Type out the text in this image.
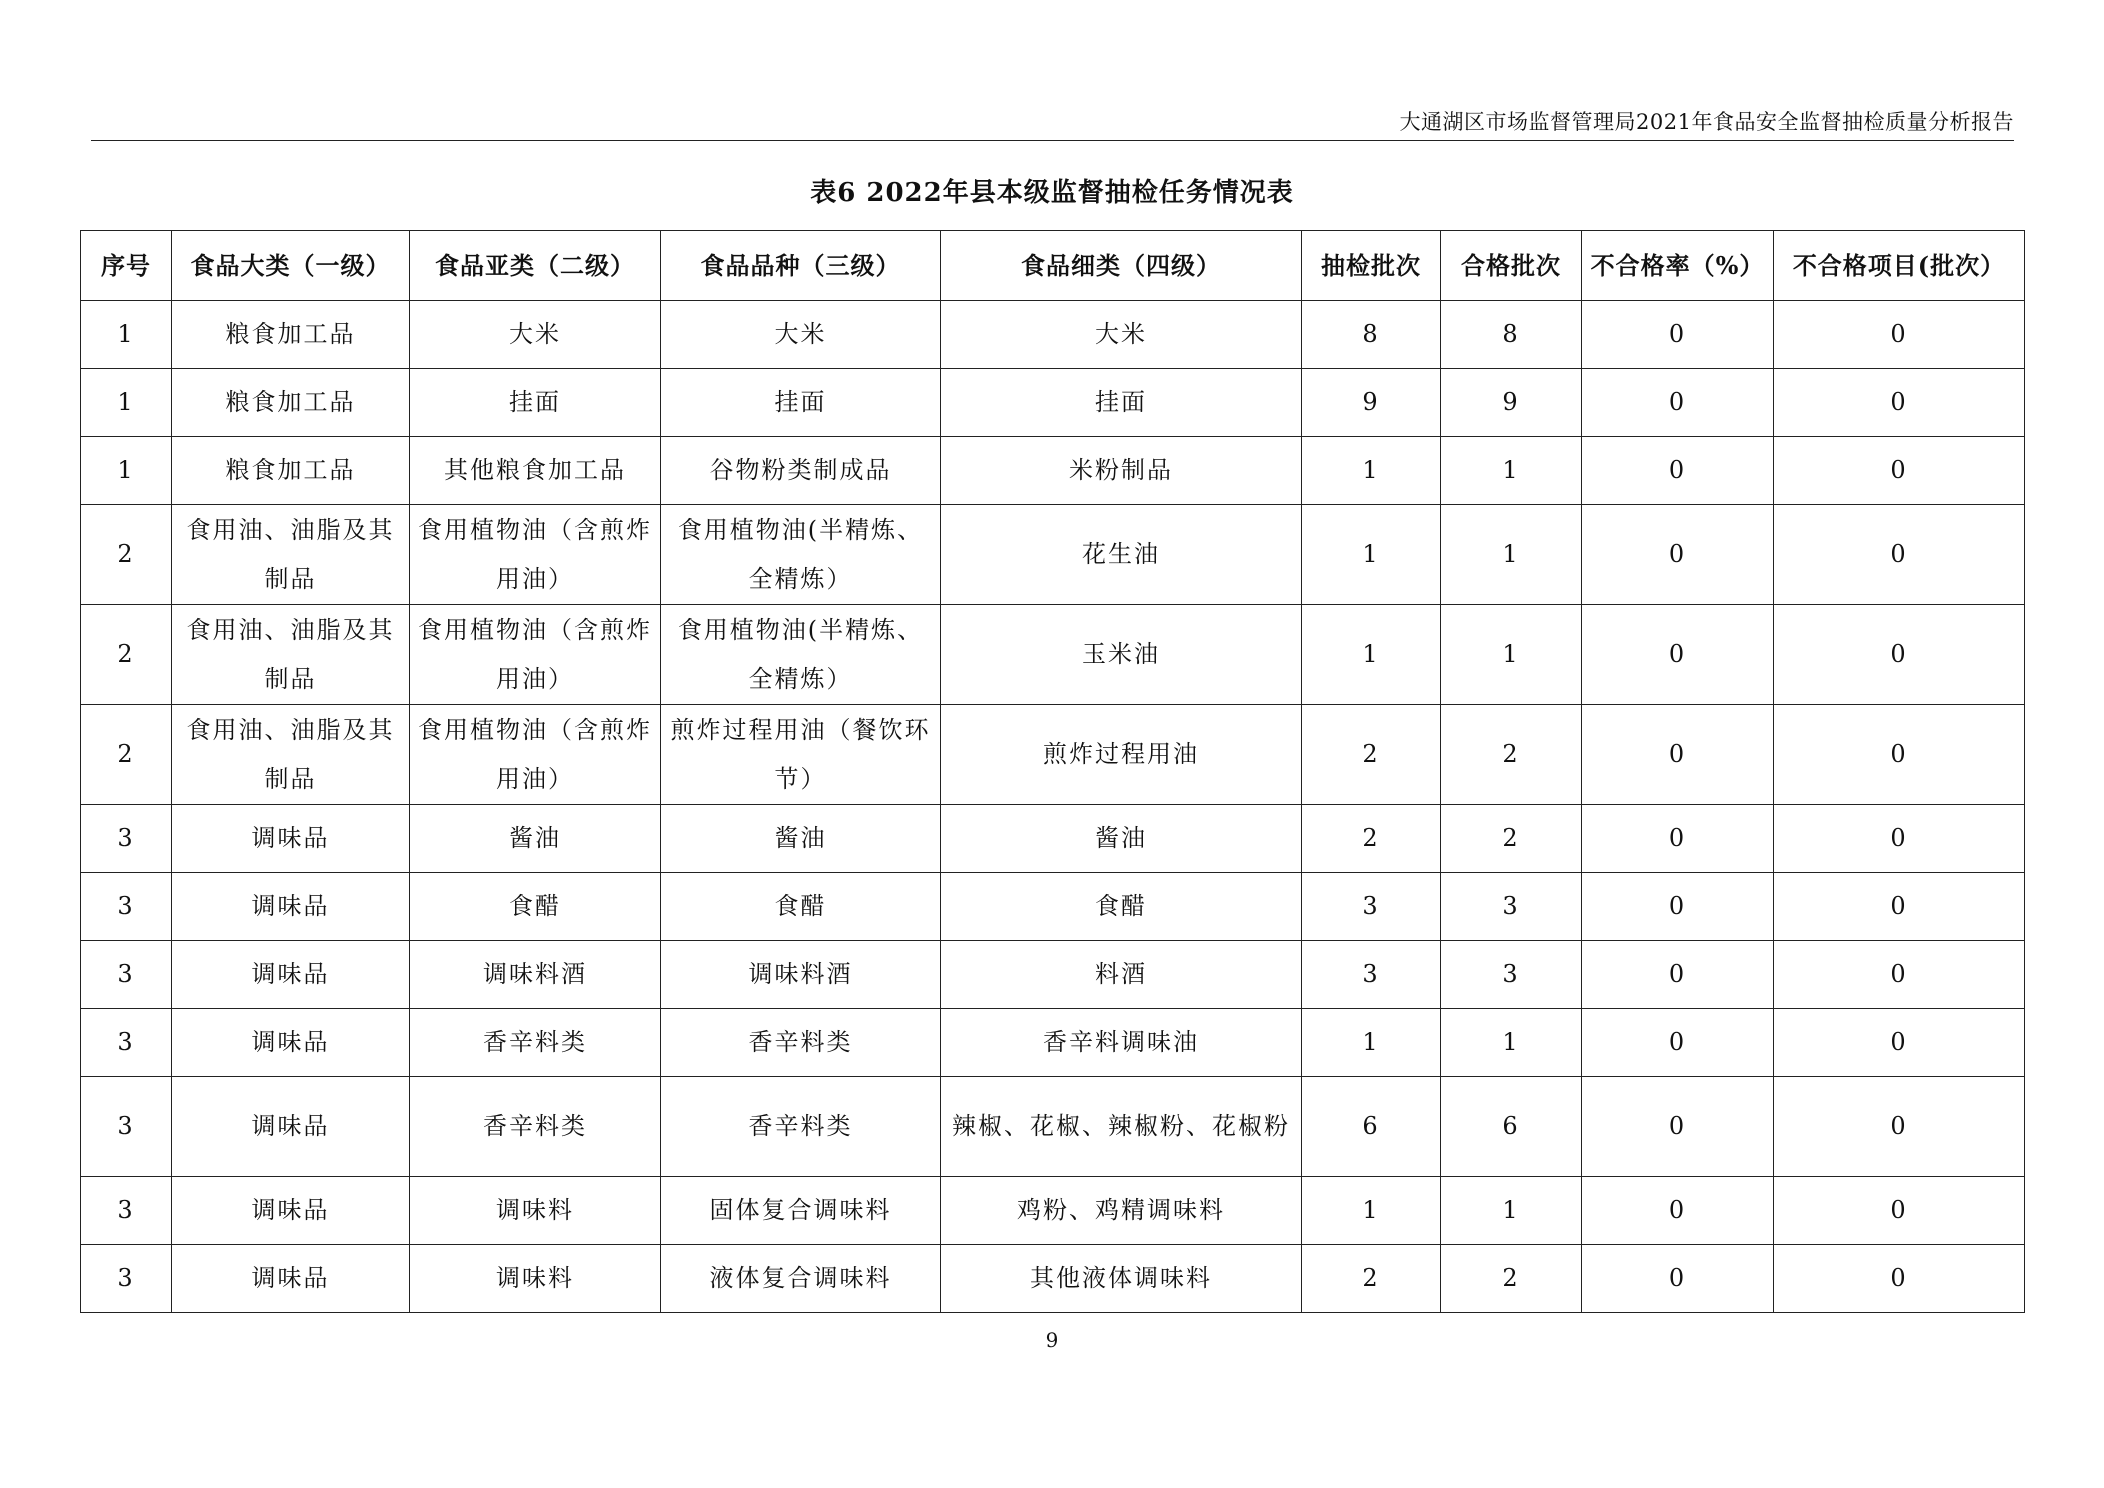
大通湖区市场监督管理局2021年食品安全监督抽检质量分析报告
表6 2022年县本级监督抽检任务情况表
序号	食品大类（一级）	食品亚类（二级）	食品品种（三级）	食品细类（四级）	抽检批次	合格批次	不合格率（%）	不合格项目(批次）
1	粮食加工品	大米	大米	大米	8	8	0	0
1	粮食加工品	挂面	挂面	挂面	9	9	0	0
1	粮食加工品	其他粮食加工品	谷物粉类制成品	米粉制品	1	1	0	0
2	食用油、油脂及其制品	食用植物油（含煎炸用油）	食用植物油(半精炼、全精炼）	花生油	1	1	0	0
2	食用油、油脂及其制品	食用植物油（含煎炸用油）	食用植物油(半精炼、全精炼）	玉米油	1	1	0	0
2	食用油、油脂及其制品	食用植物油（含煎炸用油）	煎炸过程用油（餐饮环节）	煎炸过程用油	2	2	0	0
3	调味品	酱油	酱油	酱油	2	2	0	0
3	调味品	食醋	食醋	食醋	3	3	0	0
3	调味品	调味料酒	调味料酒	料酒	3	3	0	0
3	调味品	香辛料类	香辛料类	香辛料调味油	1	1	0	0
3	调味品	香辛料类	香辛料类	辣椒、花椒、辣椒粉、花椒粉	6	6	0	0
3	调味品	调味料	固体复合调味料	鸡粉、鸡精调味料	1	1	0	0
3	调味品	调味料	液体复合调味料	其他液体调味料	2	2	0	0
9
